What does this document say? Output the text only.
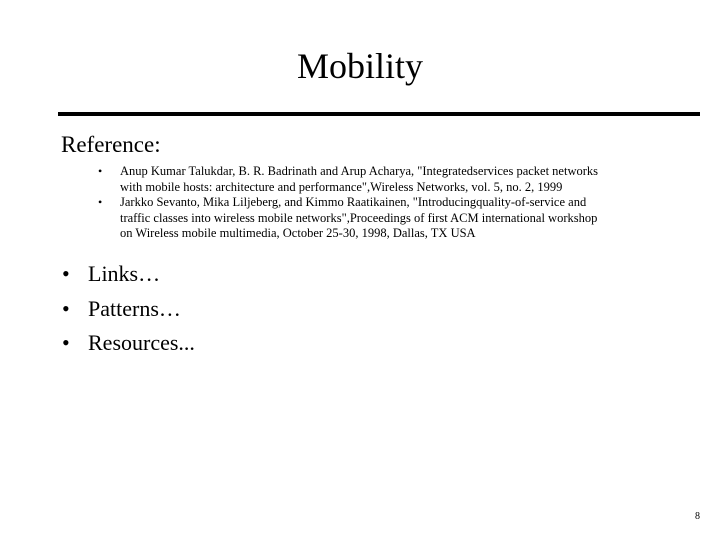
Mobility
Reference:
• Anup Kumar Talukdar, B. R. Badrinath and Arup Acharya, "Integratedservices packet networks
with mobile hosts: architecture and performance",Wireless Networks, vol. 5, no. 2, 1999
• Jarkko Sevanto, Mika Liljeberg, and Kimmo Raatikainen, "Introducingquality-of-service and
traffic classes into wireless mobile networks",Proceedings of first ACM international workshop
on Wireless mobile multimedia, October 25-30, 1998, Dallas, TX USA
• Links…
• Patterns…
• Resources...
8
